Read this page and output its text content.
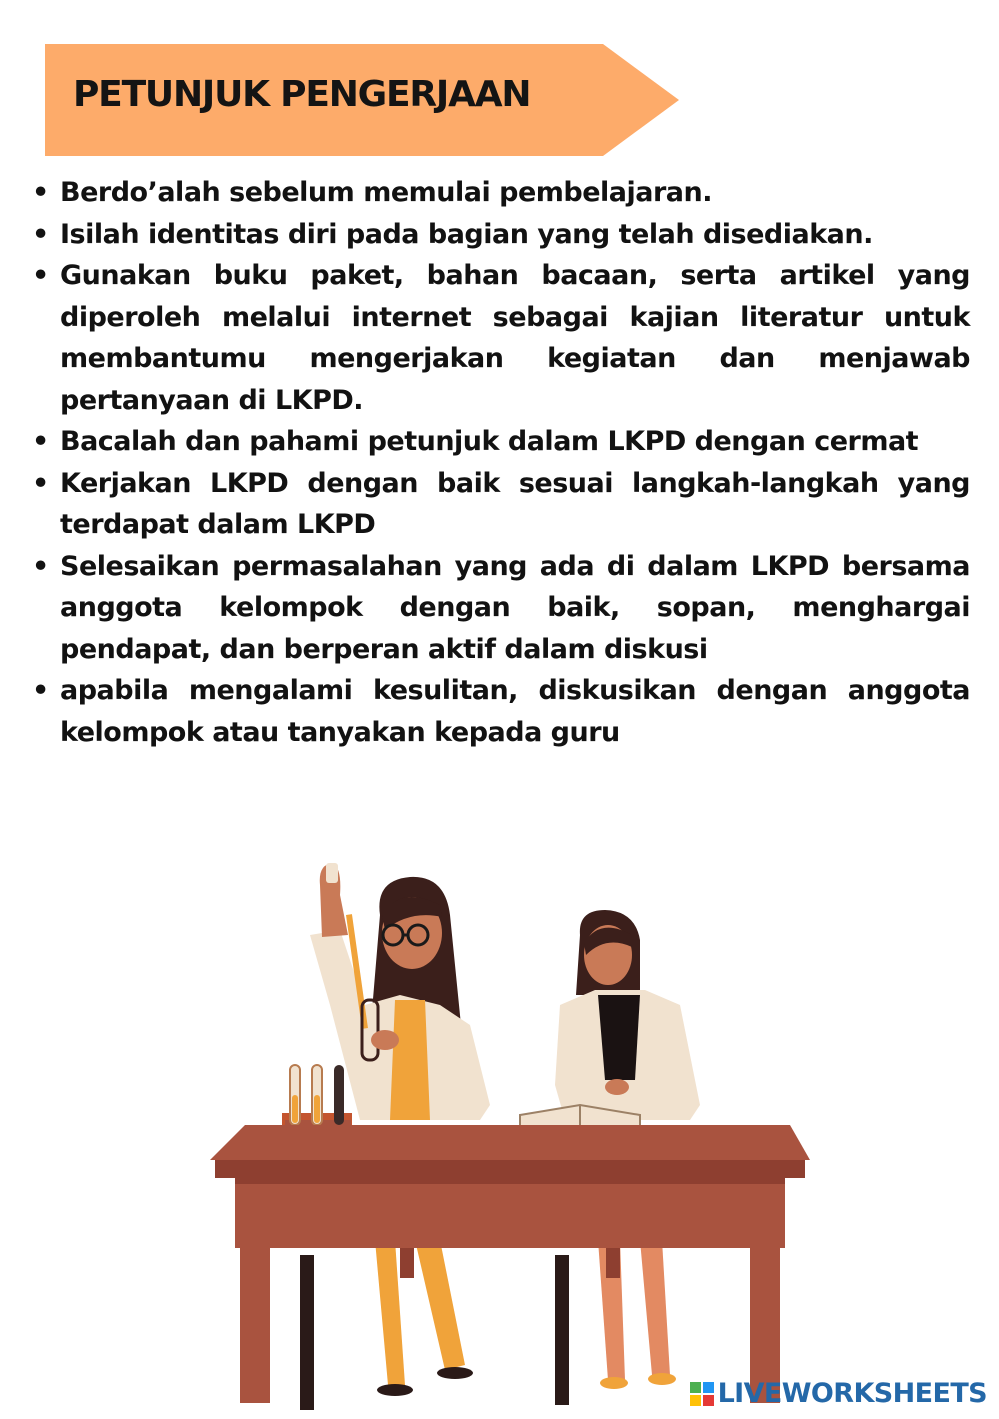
PETUNJUK PENGERJAAN
• Berdo’alah sebelum memulai pembelajaran.
• Isilah identitas diri pada bagian yang telah disediakan.
• Gunakan buku paket, bahan bacaan, serta artikel yang diperoleh melalui internet sebagai kajian literatur untuk membantumu mengerjakan kegiatan dan menjawab pertanyaan di LKPD.
• Bacalah dan pahami petunjuk dalam LKPD dengan cermat
• Kerjakan LKPD dengan baik sesuai langkah-langkah yang terdapat dalam LKPD
• Selesaikan permasalahan yang ada di dalam LKPD bersama anggota kelompok dengan baik, sopan, menghargai pendapat, dan berperan aktif dalam diskusi
• apabila mengalami kesulitan, diskusikan dengan anggota kelompok atau tanyakan kepada guru
LIVEWORKSHEETS
